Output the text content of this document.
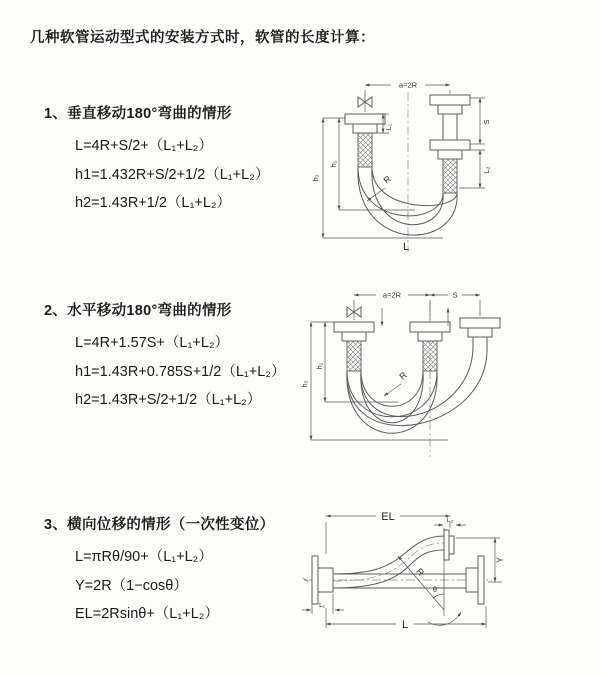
几种软管运动型式的安装方式时，软管的长度计算：
1、垂直移动180°弯曲的情形
L=4R+S/2+（L₁+L₂）
h1=1.432R+S/2+1/2（L₁+L₂）
h2=1.43R+1/2（L₁+L₂）
a=2R
L₁
S
L₂
h₁
h₂	R
L
2、水平移动180°弯曲的情形
L=4R+1.57S+（L₁+L₂）
h1=1.43R+0.785S+1/2（L₁+L₂）
h2=1.43R+S/2+1/2（L₁+L₂）
a=2R	S
h₁
h₂
R
3、横向位移的情形（一次性变位）
L=πRθ/90+（L₁+L₂）
Y=2R（1−cosθ）
EL=2Rsinθ+（L₁+L₂）
EL	L₂
Y
R
θ
L₁
L
